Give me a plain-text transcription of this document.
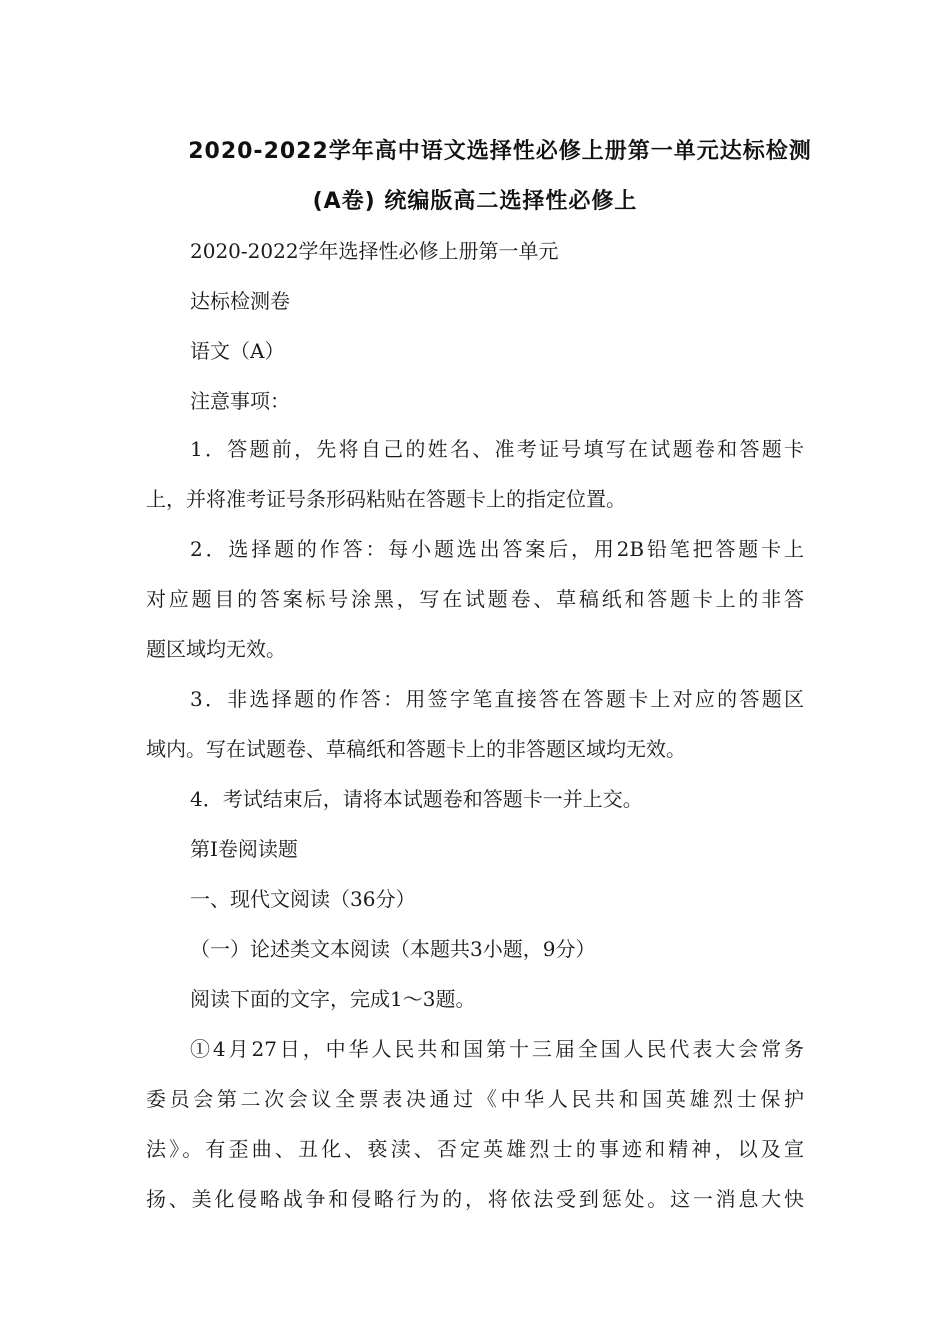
2020-2022学年高中语文选择性必修上册第一单元达标检测
(A卷) 统编版高二选择性必修上
2020-2022学年选择性必修上册第一单元
达标检测卷
语文（A）
注意事项：
1．答题前，先将自己的姓名、准考证号填写在试题卷和答题卡
上，并将准考证号条形码粘贴在答题卡上的指定位置。
2．选择题的作答：每小题选出答案后，用2B铅笔把答题卡上
对应题目的答案标号涂黑，写在试题卷、草稿纸和答题卡上的非答
题区域均无效。
3．非选择题的作答：用签字笔直接答在答题卡上对应的答题区
域内。写在试题卷、草稿纸和答题卡上的非答题区域均无效。
4．考试结束后，请将本试题卷和答题卡一并上交。
第Ⅰ卷阅读题
一、现代文阅读（36分）
（一）论述类文本阅读（本题共3小题，9分）
阅读下面的文字，完成1～3题。
①4月27日，中华人民共和国第十三届全国人民代表大会常务
委员会第二次会议全票表决通过《中华人民共和国英雄烈士保护
法》。有歪曲、丑化、亵渎、否定英雄烈士的事迹和精神，以及宣
扬、美化侵略战争和侵略行为的，将依法受到惩处。这一消息大快
